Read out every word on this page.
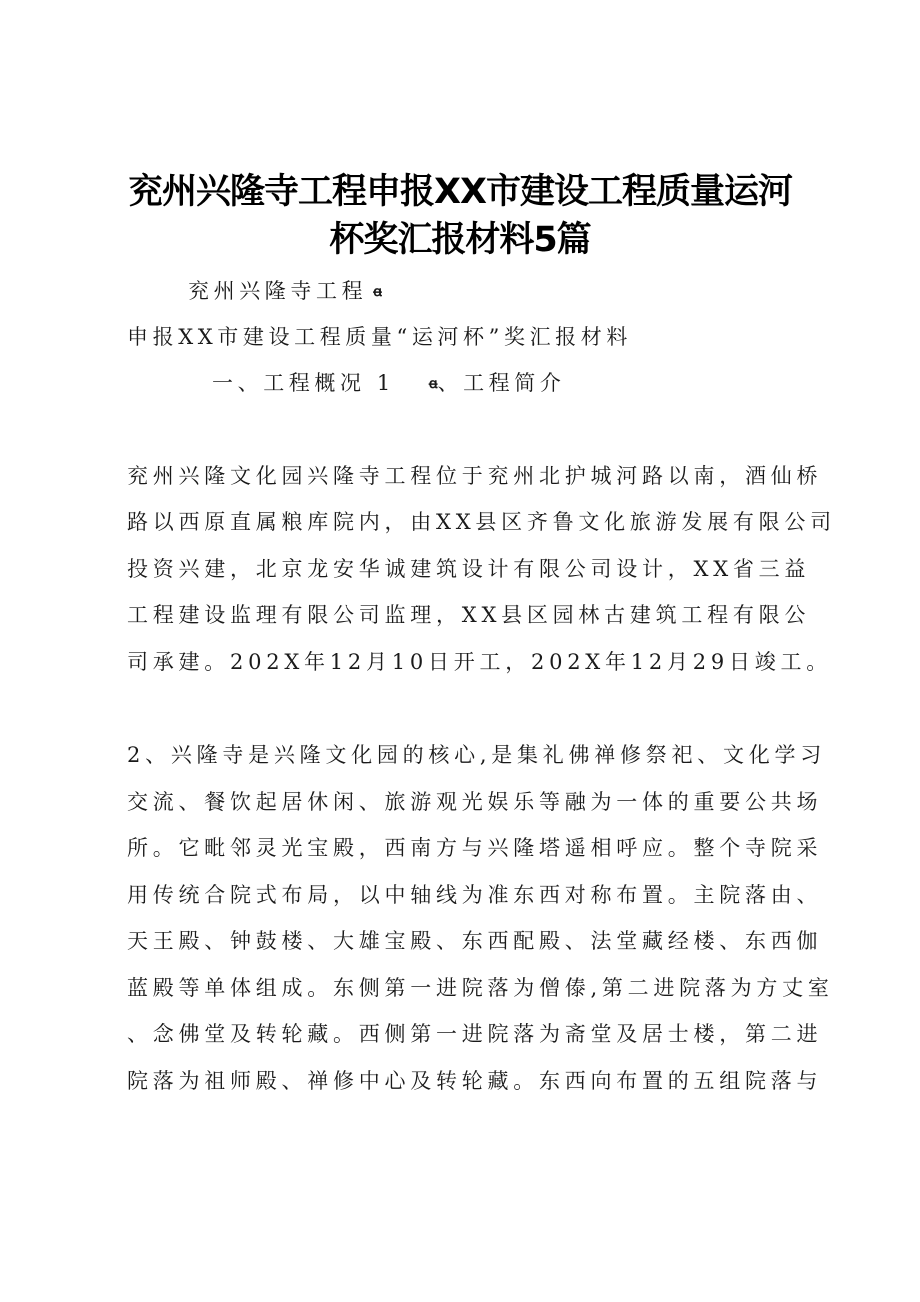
兖州兴隆寺工程申报XX市建设工程质量运河
杯奖汇报材料5篇
兖州兴隆寺工程 ꬰ
申报XX市建设工程质量“运河杯”奖汇报材料
一、工程概况 1 ꬰ、工程简介
兖州兴隆文化园兴隆寺工程位于兖州北护城河路以南，酒仙桥
路以西原直属粮库院内，由XX县区齐鲁文化旅游发展有限公司
投资兴建，北京龙安华诚建筑设计有限公司设计，XX省三益
工程建设监理有限公司监理，XX县区园林古建筑工程有限公
司承建。202X年12月10日开工，202X年12月29日竣工。
2、兴隆寺是兴隆文化园的核心,是集礼佛禅修祭祀、文化学习
交流、餐饮起居休闲、旅游观光娱乐等融为一体的重要公共场
所。它毗邻灵光宝殿，西南方与兴隆塔遥相呼应。整个寺院采
用传统合院式布局，以中轴线为准东西对称布置。主院落由、
天王殿、钟鼓楼、大雄宝殿、东西配殿、法堂藏经楼、东西伽
蓝殿等单体组成。东侧第一进院落为僧傣,第二进院落为方丈室
、念佛堂及转轮藏。西侧第一进院落为斋堂及居士楼，第二进
院落为祖师殿、禅修中心及转轮藏。东西向布置的五组院落与
